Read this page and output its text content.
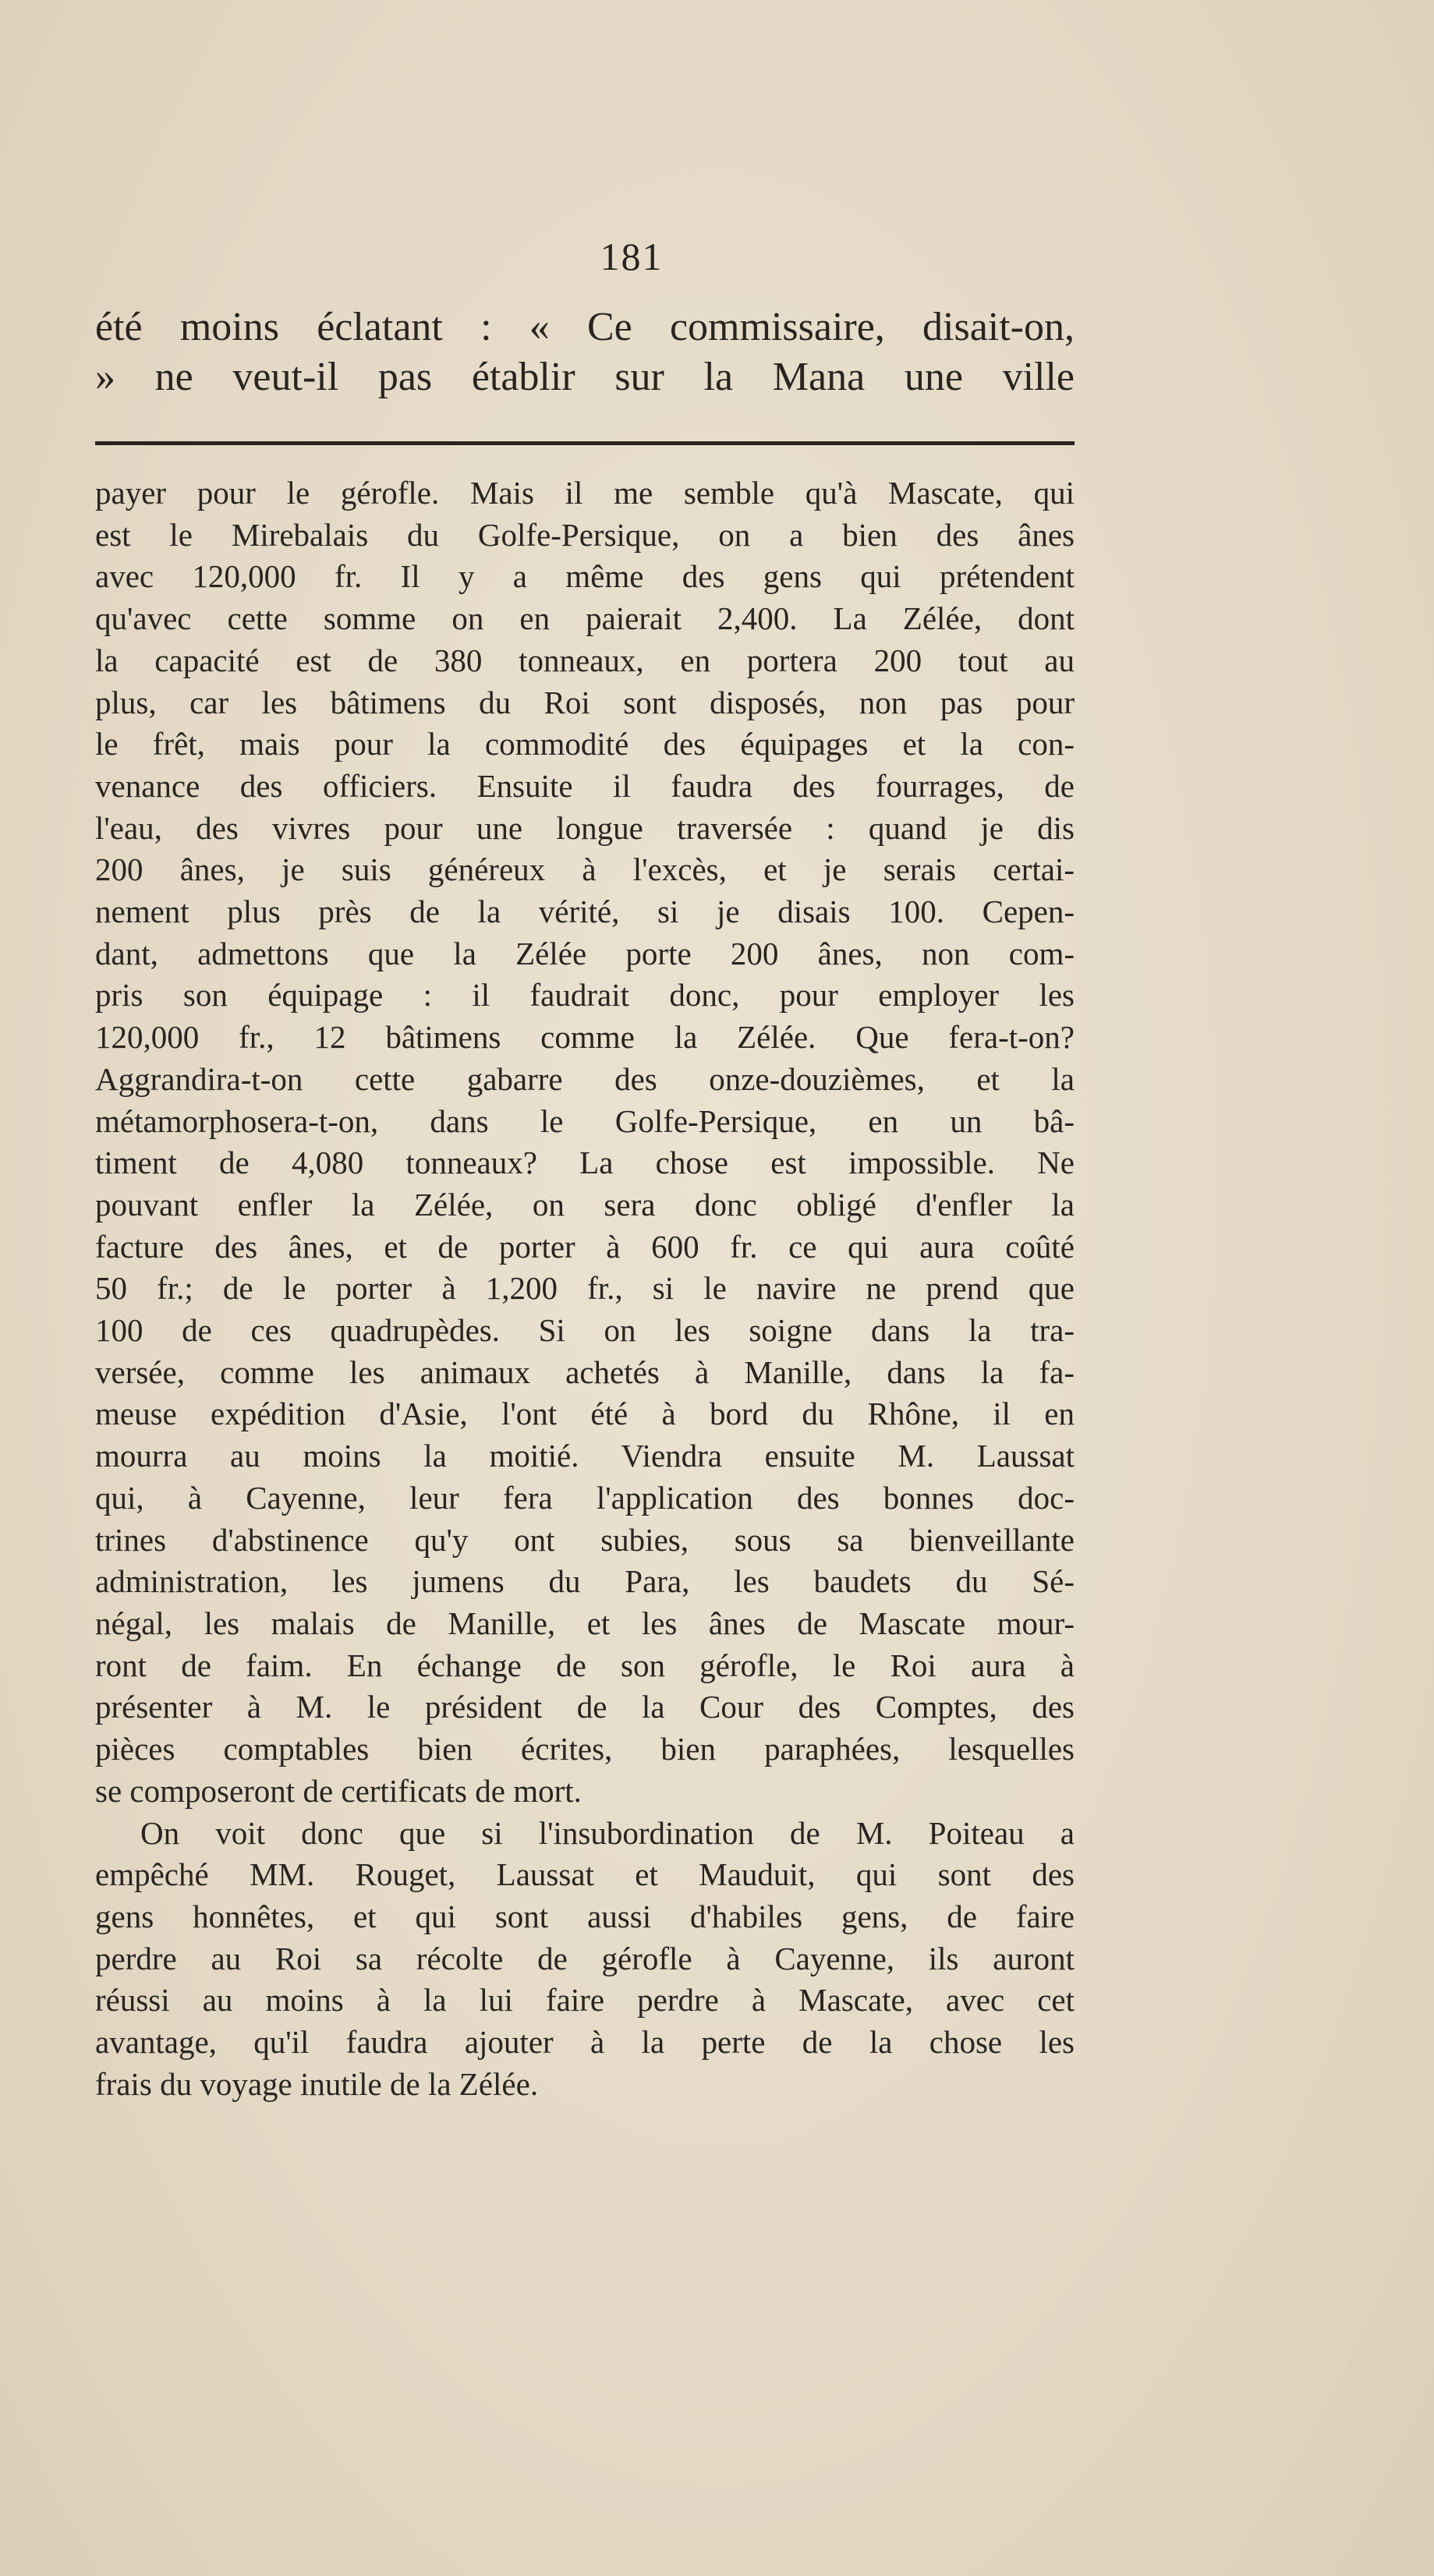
181
été moins éclatant : « Ce commissaire, disait-on,
» ne veut-il pas établir sur la Mana une ville
payer pour le gérofle. Mais il me semble qu'à Mascate, qui
est le Mirebalais du Golfe-Persique, on a bien des ânes
avec 120,000 fr. Il y a même des gens qui prétendent
qu'avec cette somme on en paierait 2,400. La Zélée, dont
la capacité est de 380 tonneaux, en portera 200 tout au
plus, car les bâtimens du Roi sont disposés, non pas pour
le frêt, mais pour la commodité des équipages et la con-
venance des officiers. Ensuite il faudra des fourrages, de
l'eau, des vivres pour une longue traversée : quand je dis
200 ânes, je suis généreux à l'excès, et je serais certai-
nement plus près de la vérité, si je disais 100. Cepen-
dant, admettons que la Zélée porte 200 ânes, non com-
pris son équipage : il faudrait donc, pour employer les
120,000 fr., 12 bâtimens comme la Zélée. Que fera-t-on?
Aggrandira-t-on cette gabarre des onze-douzièmes, et la
métamorphosera-t-on, dans le Golfe-Persique, en un bâ-
timent de 4,080 tonneaux? La chose est impossible. Ne
pouvant enfler la Zélée, on sera donc obligé d'enfler la
facture des ânes, et de porter à 600 fr. ce qui aura coûté
50 fr.; de le porter à 1,200 fr., si le navire ne prend que
100 de ces quadrupèdes. Si on les soigne dans la tra-
versée, comme les animaux achetés à Manille, dans la fa-
meuse expédition d'Asie, l'ont été à bord du Rhône, il en
mourra au moins la moitié. Viendra ensuite M. Laussat
qui, à Cayenne, leur fera l'application des bonnes doc-
trines d'abstinence qu'y ont subies, sous sa bienveillante
administration, les jumens du Para, les baudets du Sé-
négal, les malais de Manille, et les ânes de Mascate mour-
ront de faim. En échange de son gérofle, le Roi aura à
présenter à M. le président de la Cour des Comptes, des
pièces comptables bien écrites, bien paraphées, lesquelles
se composeront de certificats de mort.
On voit donc que si l'insubordination de M. Poiteau a
empêché MM. Rouget, Laussat et Mauduit, qui sont des
gens honnêtes, et qui sont aussi d'habiles gens, de faire
perdre au Roi sa récolte de gérofle à Cayenne, ils auront
réussi au moins à la lui faire perdre à Mascate, avec cet
avantage, qu'il faudra ajouter à la perte de la chose les
frais du voyage inutile de la Zélée.
